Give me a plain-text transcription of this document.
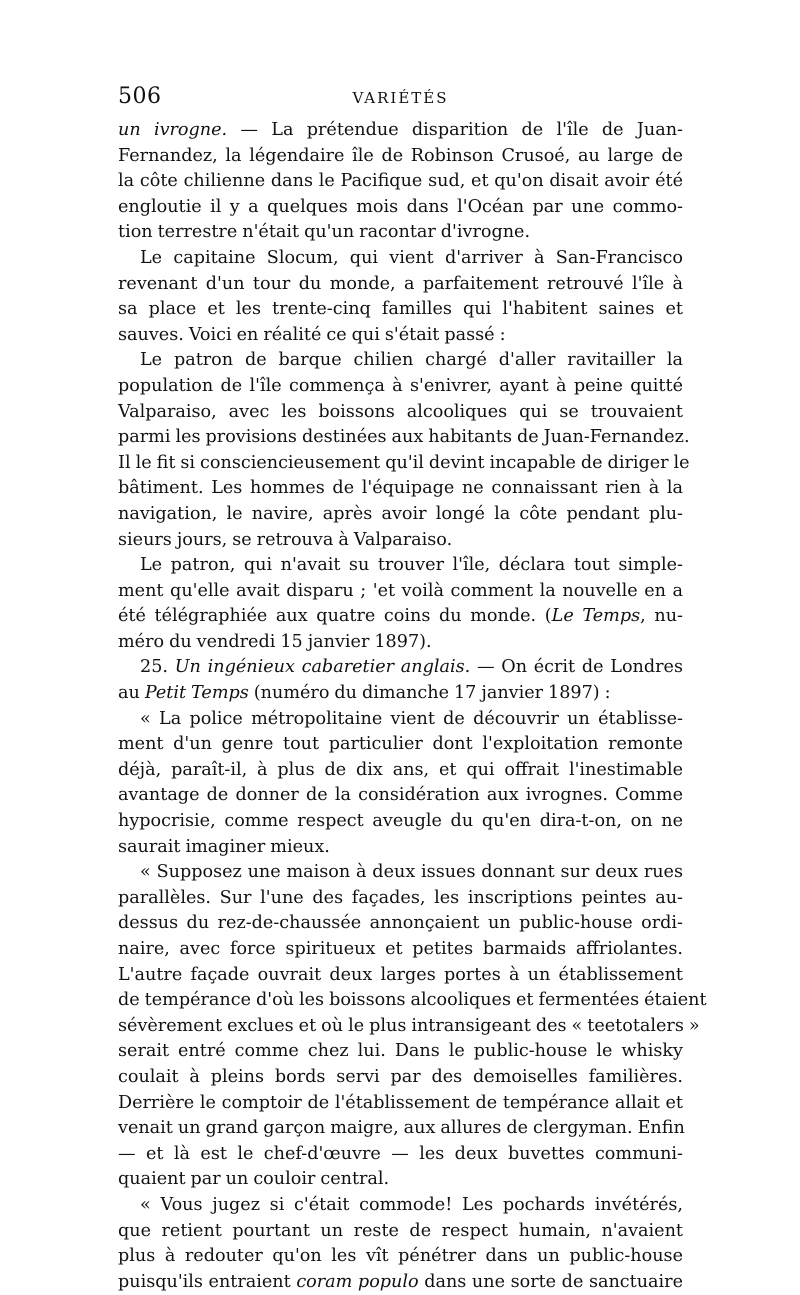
506	VARIÉTÉS
un ivrogne. — La prétendue disparition de l'île de Juan-
Fernandez, la légendaire île de Robinson Crusoé, au large de
la côte chilienne dans le Pacifique sud, et qu'on disait avoir été
engloutie il y a quelques mois dans l'Océan par une commo-
tion terrestre n'était qu'un racontar d'ivrogne.
Le capitaine Slocum, qui vient d'arriver à San-Francisco
revenant d'un tour du monde, a parfaitement retrouvé l'île à
sa place et les trente-cinq familles qui l'habitent saines et
sauves. Voici en réalité ce qui s'était passé :
Le patron de barque chilien chargé d'aller ravitailler la
population de l'île commença à s'enivrer, ayant à peine quitté
Valparaiso, avec les boissons alcooliques qui se trouvaient
parmi les provisions destinées aux habitants de Juan-Fernandez.
Il le fit si consciencieusement qu'il devint incapable de diriger le
bâtiment. Les hommes de l'équipage ne connaissant rien à la
navigation, le navire, après avoir longé la côte pendant plu-
sieurs jours, se retrouva à Valparaiso.
Le patron, qui n'avait su trouver l'île, déclara tout simple-
ment qu'elle avait disparu ; 'et voilà comment la nouvelle en a
été télégraphiée aux quatre coins du monde. (Le Temps, nu-
méro du vendredi 15 janvier 1897).
25. Un ingénieux cabaretier anglais. — On écrit de Londres
au Petit Temps (numéro du dimanche 17 janvier 1897) :
« La police métropolitaine vient de découvrir un établisse-
ment d'un genre tout particulier dont l'exploitation remonte
déjà, paraît-il, à plus de dix ans, et qui offrait l'inestimable
avantage de donner de la considération aux ivrognes. Comme
hypocrisie, comme respect aveugle du qu'en dira-t-on, on ne
saurait imaginer mieux.
« Supposez une maison à deux issues donnant sur deux rues
parallèles. Sur l'une des façades, les inscriptions peintes au-
dessus du rez-de-chaussée annonçaient un public-house ordi-
naire, avec force spiritueux et petites barmaids affriolantes.
L'autre façade ouvrait deux larges portes à un établissement
de tempérance d'où les boissons alcooliques et fermentées étaient
sévèrement exclues et où le plus intransigeant des « teetotalers »
serait entré comme chez lui. Dans le public-house le whisky
coulait à pleins bords servi par des demoiselles familières.
Derrière le comptoir de l'établissement de tempérance allait et
venait un grand garçon maigre, aux allures de clergyman. Enfin
— et là est le chef-d'œuvre — les deux buvettes communi-
quaient par un couloir central.
« Vous jugez si c'était commode! Les pochards invétérés,
que retient pourtant un reste de respect humain, n'avaient
plus à redouter qu'on les vît pénétrer dans un public-house
puisqu'ils entraient coram populo dans une sorte de sanctuaire
